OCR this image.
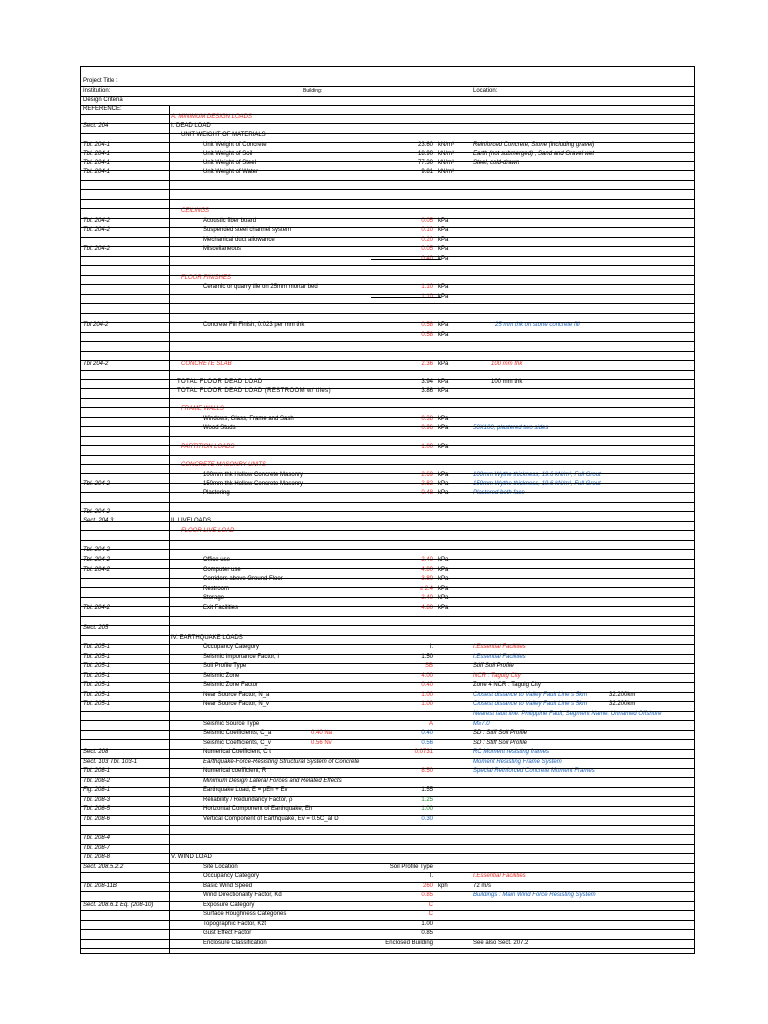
Project Title :
Institution:	Building:	Location:
Design Criteria
REFERENCE:
A. MINIMUM DESIGN LOADS
Sect. 204	I. DEAD LOAD
UNIT WEIGHT OF MATERIALS
Tbl. 204-1	Unit Weight of Concrete	23.60 kN/m³	Reinforced Concrete, Stone (including gravel)
Tbl. 204-1	Unit Weight of Soil	18.90 kN/m³	Earth (not submerged) , Sand and Gravel wet
Tbl. 204-1	Unit Weight of Steel	77.30 kN/m³	Steel, cold-drawn
Tbl. 204-1	Unit Weight of Water	9.81 kN/m³
CEILINGS
Tbl. 204-2	Acoustic fiber board	0.05 kPa
Tbl. 204-2	Suspended steel channel system	0.10 kPa
Mechanical duct allowance	0.20 kPa
Tbl. 204-2	Miscellaneous	0.05 kPa
0.40 kPa
FLOOR FINISHES
Ceramic or quarry tile on 25mm mortar bed	1.10 kPa
1.10 kPa
Tbl 204-2	Concrete Fill Finish, 0.023 per mm thk	0.58 kPa	25 mm thk on stone concrete fill
0.58 kPa
Tbl 204-2	CONCRETE SLAB	2.36 kPa	100 mm thk
TOTAL FLOOR DEAD LOAD	3.94 kPa	100 mm thk
TOTAL FLOOR DEAD LOAD (RESTROOM w/ tiles)	3.86 kPa
FRAME WALLS
Windows, Glass, Frame and Sash	0.38 kPa
Wood Studs	0.96 kPa	50X100, plastered two sides
PARTITION LOADS	1.00 kPa
CONCRETE MASONRY UNITS
100mm thk Hollow Concrete Masonry	2.69 kPa	100mm Wythe thickness, 19.6 kN/m³, Full Grout
Tbl. 204-2	150mm thk Hollow Concrete Masonry	2.82 kPa	150mm Wythe thickness, 19.6 kN/m³, Full Grout
Plastering	0.48 kPa	Plastered both face
Tbl. 204-2
Sect. 204.3	II. LIVELOADS
FLOOR LIVE LOAD
Tbl. 204-2
Tbl. 204-2	Office use	2.40 kPa
Tbl. 204-2	Computer use	4.80 kPa
Corridors above Ground Floor	3.80 kPa
Restroom	≤ 2.4 kPa
Storage	2.40 kPa
Tbl. 204-2	Exit Facilities	4.80 kPa
Sect. 205
IV. EARTHQUAKE LOADS
Tbl. 205-1	Occupancy Category	I.	I.Essential Facilities
Tbl. 205-1	Seismic Importance Factor, I	1.50	I.Essential Facilities
Tbl. 205-1	Soil Profile Type	SB	Stiff Soil Profile
Tbl. 205-1	Seismic Zone	4.00	NCR : Taguig City
Tbl. 205-1	Seismic Zone Factor	0.40	Zone 4 NCR : Taguig City
Tbl. 205-1	Near Source Factor, N_a	1.00	Closest distance to Valley Fault Line s 5km	32.200km
Tbl. 205-1	Near Source Factor, N_v	1.00	Closest distance to Valley Fault Line s 5km	32.200km
Nearest fault line: Philippine Fault; Segment Name: Unnamed Offshore
Seismic Source Type	A	M≥7.0
Seismic Coefficients, C_a	0.40 Na	0.40	SD : Stiff Soil Profile
Seismic Coefficients, C_v	0.56 Nv	0.56	SD : Stiff Soil Profile
Sect. 208	Numerical Coefficient, C t	0.0731	RC Moment resisting frames
Sect. 103 Tbl. 103-1	Earthquake-Force-Resisting Structural System of Concrete	Moment Resisting Frame System
Tbl. 208-1	Numerical coefficient, R	8.50	Special Reinforced Concrete Moment Frames
Tbl. 208-2	Minimum Design Lateral Forces and Related Effects
Fig. 208-1	Earthquake Load, E = ρEh + Ev	1.55
Tbl. 208-3	Reliability / Redundancy Factor, ρ	1.25
Tbl. 208-5	Horizontal Component of Earthquake, Eh	1.00
Tbl. 208-6	Vertical Component of Earthquake, Ev = 0.5C_aI D	0.30
Tbl. 208-4
Tbl. 208-7
Tbl. 208-8	V. WIND LOAD
Sect. 208.5.2.2	Site Location	Soil Profile Type
Occupancy Category	I.	I.Essential Facilities
Tbl. 208-11B	Basic Wind Speed	260 kph	72 m/s
Wind Directionality Factor, Kd	0.85	Buildings : Main Wind Force Resisting System
Sect. 208.6.1 Eq. (208-10)	Exposure Category	C
Surface Roughness Categories	C
Topographic Factor, Kzt	1.00
Gust Effect Factor	0.85
Enclosure Classification	Enclosed Building	See also Sect. 207.2
